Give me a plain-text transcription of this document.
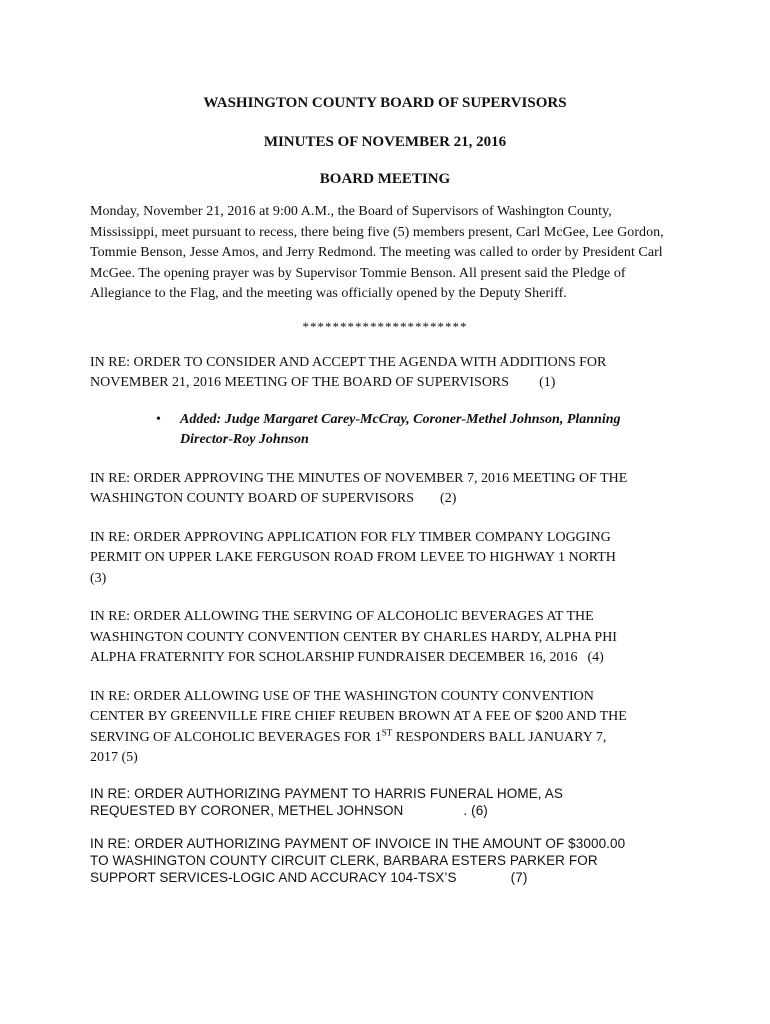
WASHINGTON COUNTY BOARD OF SUPERVISORS

MINUTES OF NOVEMBER 21, 2016

BOARD MEETING

Monday, November 21, 2016 at 9:00 A.M., the Board of Supervisors of Washington County, Mississippi, meet pursuant to recess, there being five (5) members present, Carl McGee, Lee Gordon, Tommie Benson, Jesse Amos, and Jerry Redmond. The meeting was called to order by President Carl McGee. The opening prayer was by Supervisor Tommie Benson. All present said the Pledge of Allegiance to the Flag, and the meeting was officially opened by the Deputy Sheriff.

**********************

IN RE: ORDER TO CONSIDER AND ACCEPT THE AGENDA WITH ADDITIONS FOR
NOVEMBER 21, 2016 MEETING OF THE BOARD OF SUPERVISORS (1)

• Added: Judge Margaret Carey-McCray, Coroner-Methel Johnson, Planning
Director-Roy Johnson

IN RE: ORDER APPROVING THE MINUTES OF NOVEMBER 7, 2016 MEETING OF THE
WASHINGTON COUNTY BOARD OF SUPERVISORS (2)

IN RE: ORDER APPROVING APPLICATION FOR FLY TIMBER COMPANY LOGGING
PERMIT ON UPPER LAKE FERGUSON ROAD FROM LEVEE TO HIGHWAY 1 NORTH
(3)

IN RE: ORDER ALLOWING THE SERVING OF ALCOHOLIC BEVERAGES AT THE
WASHINGTON COUNTY CONVENTION CENTER BY CHARLES HARDY, ALPHA PHI
ALPHA FRATERNITY FOR SCHOLARSHIP FUNDRAISER DECEMBER 16, 2016 (4)

IN RE: ORDER ALLOWING USE OF THE WASHINGTON COUNTY CONVENTION
CENTER BY GREENVILLE FIRE CHIEF REUBEN BROWN AT A FEE OF $200 AND THE
SERVING OF ALCOHOLIC BEVERAGES FOR 1ST RESPONDERS BALL JANUARY 7,
2017 (5)

IN RE: ORDER AUTHORIZING PAYMENT TO HARRIS FUNERAL HOME, AS
REQUESTED BY CORONER, METHEL JOHNSON	. (6)
IN RE: ORDER AUTHORIZING PAYMENT OF INVOICE IN THE AMOUNT OF $3000.00
TO WASHINGTON COUNTY CIRCUIT CLERK, BARBARA ESTERS PARKER FOR
SUPPORT SERVICES-LOGIC AND ACCURACY 104-TSX’S	(7)
